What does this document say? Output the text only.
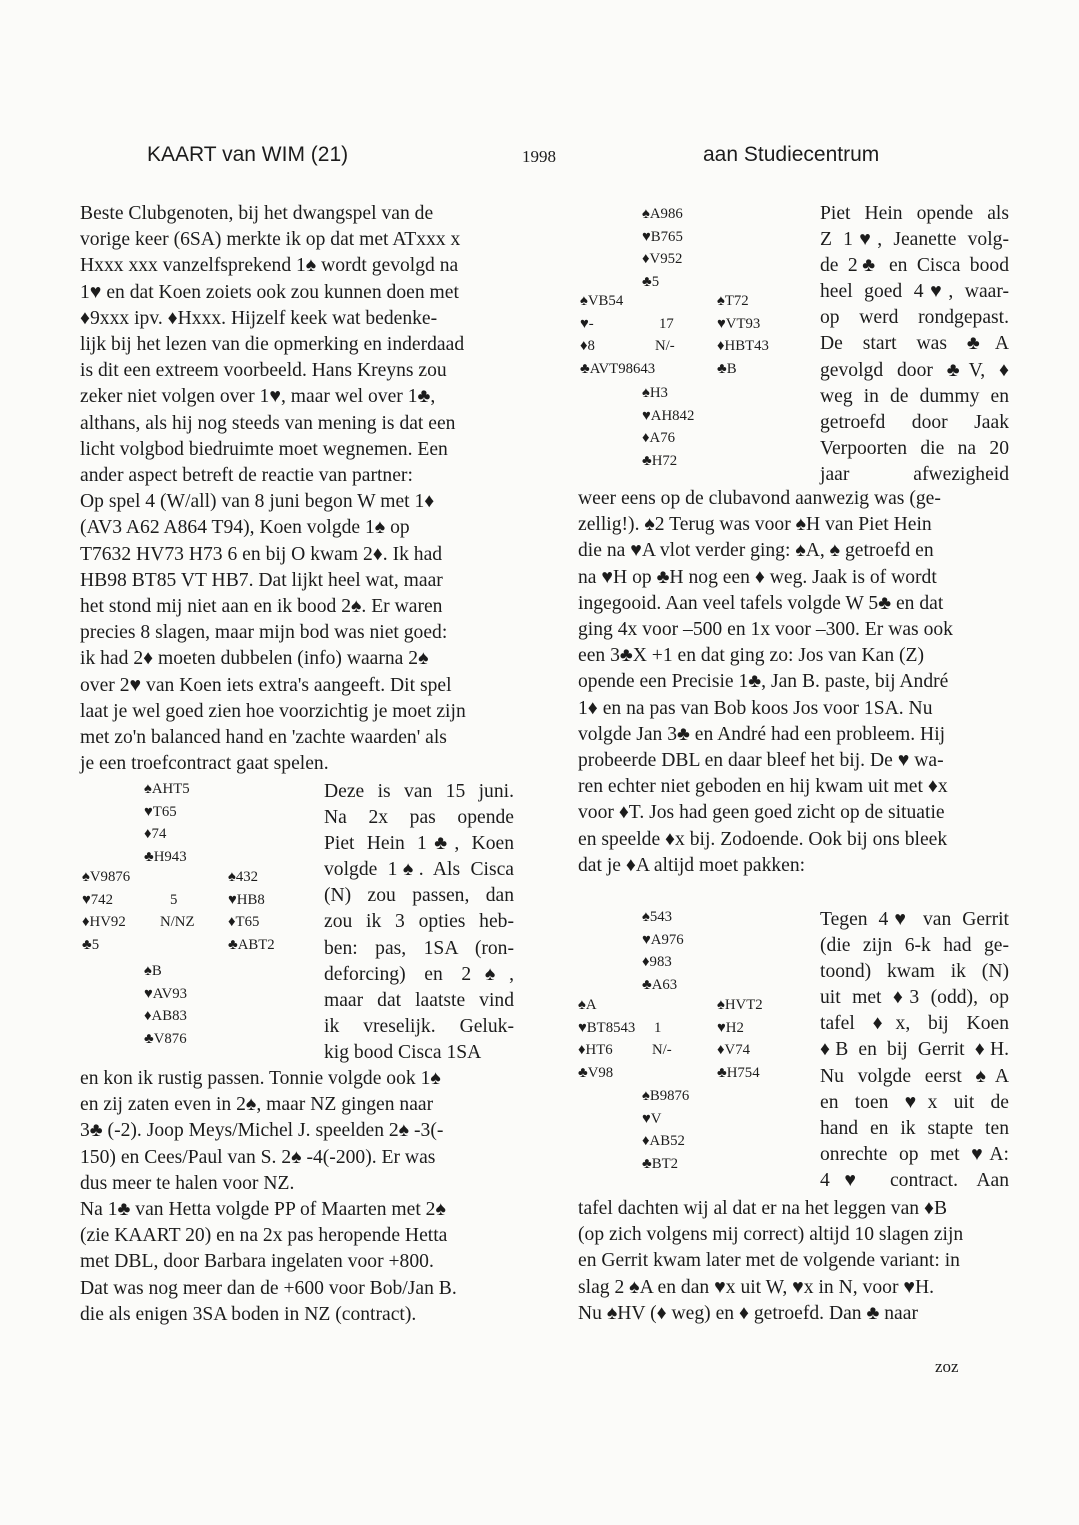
KAART van WIM (21)	1998	aan Studiecentrum
Beste Clubgenoten, bij het dwangspel van de
vorige keer (6SA) merkte ik op dat met ATxxx x
Hxxx xxx vanzelfsprekend 1♠ wordt gevolgd na
1♥ en dat Koen zoiets ook zou kunnen doen met
♦9xxx ipv. ♦Hxxx. Hijzelf keek wat bedenke-
lijk bij het lezen van die opmerking en inderdaad
is dit een extreem voorbeeld. Hans Kreyns zou
zeker niet volgen over 1♥, maar wel over 1♣,
althans, als hij nog steeds van mening is dat een
licht volgbod biedruimte moet wegnemen. Een
ander aspect betreft de reactie van partner:
Op spel 4 (W/all) van 8 juni begon W met 1♦
(AV3 A62 A864 T94), Koen volgde 1♠ op
T7632 HV73 H73 6 en bij O kwam 2♦. Ik had
HB98 BT85 VT HB7. Dat lijkt heel wat, maar
het stond mij niet aan en ik bood 2♠. Er waren
precies 8 slagen, maar mijn bod was niet goed:
ik had 2♦ moeten dubbelen (info) waarna 2♠
over 2♥ van Koen iets extra's aangeeft. Dit spel
laat je wel goed zien hoe voorzichtig je moet zijn
met zo'n balanced hand en 'zachte waarden' als
je een troefcontract gaat spelen.
♠AHT5
♥T65
♦74
♣H943
♠V9876
♥742
♦HV92
♣5

5
N/NZ

♠432
♥HB8
♦T65
♣ABT2
♠B
♥AV93
♦AB83
♣V876
Deze is van 15 juni.
Na 2x pas opende
Piet Hein 1♣, Koen
volgde 1♠. Als Cisca
(N) zou passen, dan
zou ik 3 opties heb-
ben: pas, 1SA (ron-
deforcing) en 2♠,
maar dat laatste vind
ik vreselijk. Geluk-
kig bood Cisca 1SA
en kon ik rustig passen. Tonnie volgde ook 1♠
en zij zaten even in 2♠, maar NZ gingen naar
3♣ (-2). Joop Meys/Michel J. speelden 2♠ -3(-
150) en Cees/Paul van S. 2♠ -4(-200). Er was
dus meer te halen voor NZ.
Na 1♣ van Hetta volgde PP of Maarten met 2♠
(zie KAART 20) en na 2x pas heropende Hetta
met DBL, door Barbara ingelaten voor +800.
Dat was nog meer dan de +600 voor Bob/Jan B.
die als enigen 3SA boden in NZ (contract).
♠A986
♥B765
♦V952
♣5
♠VB54
♥-
♦8
♣AVT98643

17
N/-

♠T72
♥VT93
♦HBT43
♣B
♠H3
♥AH842
♦A76
♣H72
Piet Hein opende als
Z 1♥, Jeanette volg-
de 2♣ en Cisca bood
heel goed 4♥, waar-
op werd rondgepast.
De start was ♣A
gevolgd door ♣V, ♦
weg in de dummy en
getroefd door Jaak
Verpoorten die na 20
jaar afwezigheid
weer eens op de clubavond aanwezig was (ge-
zellig!). ♠2 Terug was voor ♠H van Piet Hein
die na ♥A vlot verder ging: ♠A, ♠ getroefd en
na ♥H op ♣H nog een ♦ weg. Jaak is of wordt
ingegooid. Aan veel tafels volgde W 5♣ en dat
ging 4x voor –500 en 1x voor –300. Er was ook
een 3♣X +1 en dat ging zo: Jos van Kan (Z)
opende een Precisie 1♣, Jan B. paste, bij André
1♦ en na pas van Bob koos Jos voor 1SA. Nu
volgde Jan 3♣ en André had een probleem. Hij
probeerde DBL en daar bleef het bij. De ♥ wa-
ren echter niet geboden en hij kwam uit met ♦x
voor ♦T. Jos had geen goed zicht op de situatie
en speelde ♦x bij. Zodoende. Ook bij ons bleek
dat je ♦A altijd moet pakken:
♠543
♥A976
♦983
♣A63
♠A
♥BT8543
♦HT6
♣V98

1
N/-

♠HVT2
♥H2
♦V74
♣H754
♠B9876
♥V
♦AB52
♣BT2
Tegen 4♥ van Gerrit
(die zijn 6-k had ge-
toond) kwam ik (N)
uit met ♦3 (odd), op
tafel ♦x, bij Koen
♦B en bij Gerrit ♦H.
Nu volgde eerst ♠A
en toen ♥x uit de
hand en ik stapte ten
onrechte op met ♥A:
4♥ contract. Aan
tafel dachten wij al dat er na het leggen van ♦B
(op zich volgens mij correct) altijd 10 slagen zijn
en Gerrit kwam later met de volgende variant: in
slag 2 ♠A en dan ♥x uit W, ♥x in N, voor ♥H.
Nu ♠HV (♦ weg) en ♦ getroefd. Dan ♣ naar
zoz
